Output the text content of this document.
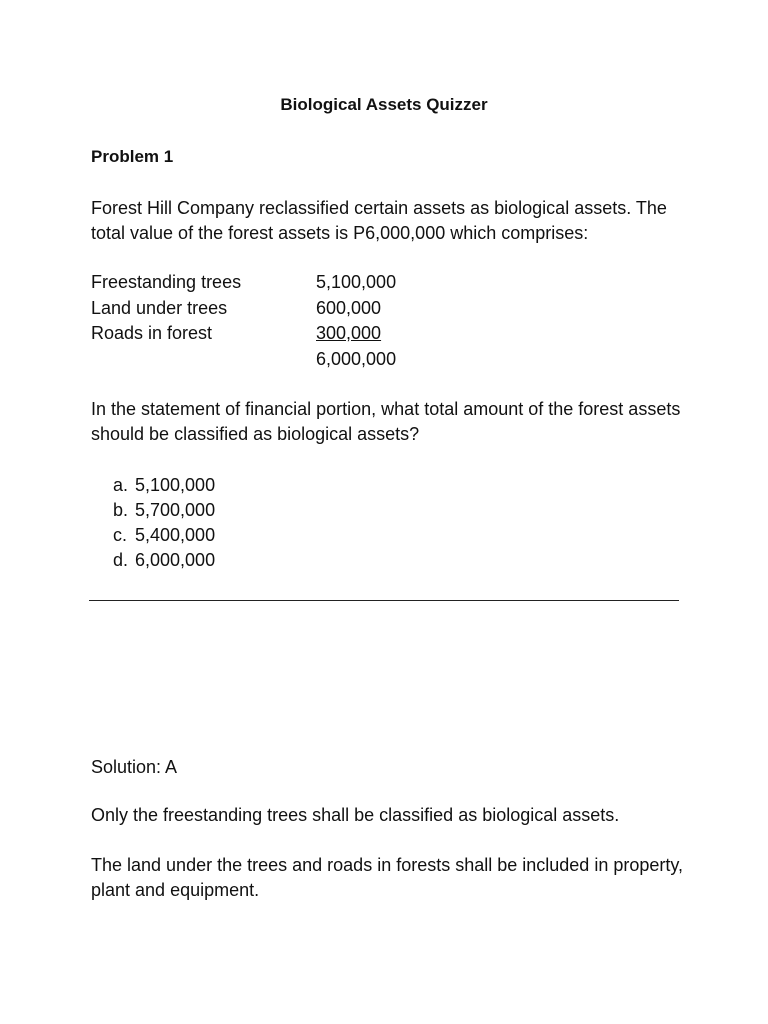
Biological Assets Quizzer
Problem 1
Forest Hill Company reclassified certain assets as biological assets. The total value of the forest assets is P6,000,000 which comprises:
Freestanding trees	5,100,000
Land under trees	600,000
Roads in forest	300,000
6,000,000
In the statement of financial portion, what total amount of the forest assets should be classified as biological assets?
a. 5,100,000
b. 5,700,000
c. 5,400,000
d. 6,000,000
Solution: A
Only the freestanding trees shall be classified as biological assets.
The land under the trees and roads in forests shall be included in property, plant and equipment.
